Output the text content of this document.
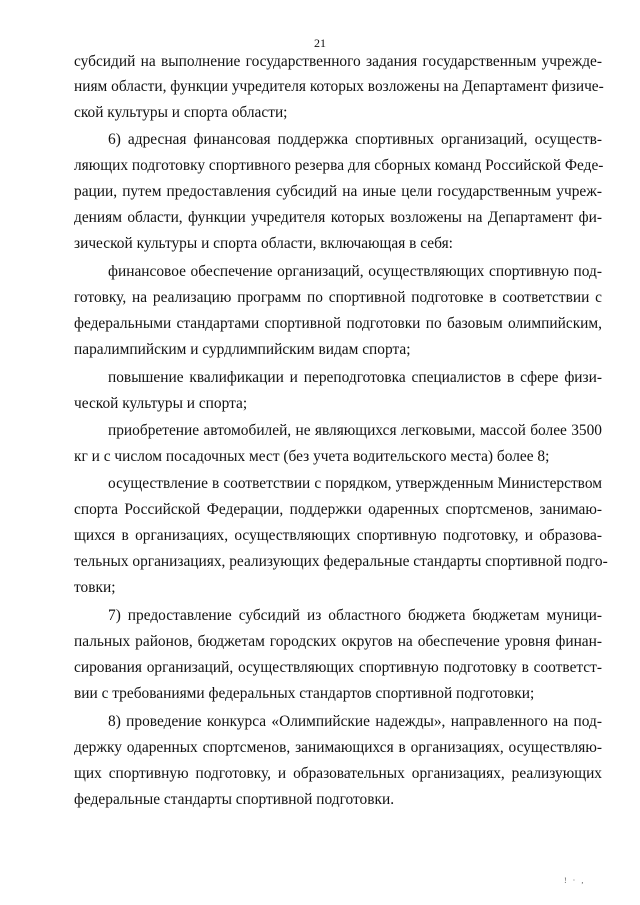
21
субсидий на выполнение государственного задания государственным учрежде-
ниям области, функции учредителя которых возложены на Департамент физиче-
ской культуры и спорта области;
6) адресная финансовая поддержка спортивных организаций, осуществ-
ляющих подготовку спортивного резерва для сборных команд Российской Феде-
рации, путем предоставления субсидий на иные цели государственным учреж-
дениям области, функции учредителя которых возложены на Департамент фи-
зической культуры и спорта области, включающая в себя:
финансовое обеспечение организаций, осуществляющих спортивную под-
готовку, на реализацию программ по спортивной подготовке в соответствии с
федеральными стандартами спортивной подготовки по базовым олимпийским,
паралимпийским и сурдлимпийским видам спорта;
повышение квалификации и переподготовка специалистов в сфере физи-
ческой культуры и спорта;
приобретение автомобилей, не являющихся легковыми, массой более 3500
кг и с числом посадочных мест (без учета водительского места) более 8;
осуществление в соответствии с порядком, утвержденным Министерством
спорта Российской Федерации, поддержки одаренных спортсменов, занимаю-
щихся в организациях, осуществляющих спортивную подготовку, и образова-
тельных организациях, реализующих федеральные стандарты спортивной подго-
товки;
7) предоставление субсидий из областного бюджета бюджетам муници-
пальных районов, бюджетам городских округов на обеспечение уровня финан-
сирования организаций, осуществляющих спортивную подготовку в соответст-
вии с требованиями федеральных стандартов спортивной подготовки;
8) проведение конкурса «Олимпийские надежды», направленного на под-
держку одаренных спортсменов, занимающихся в организациях, осуществляю-
щих спортивную подготовку, и образовательных организациях, реализующих
федеральные стандарты спортивной подготовки.
! · ,
